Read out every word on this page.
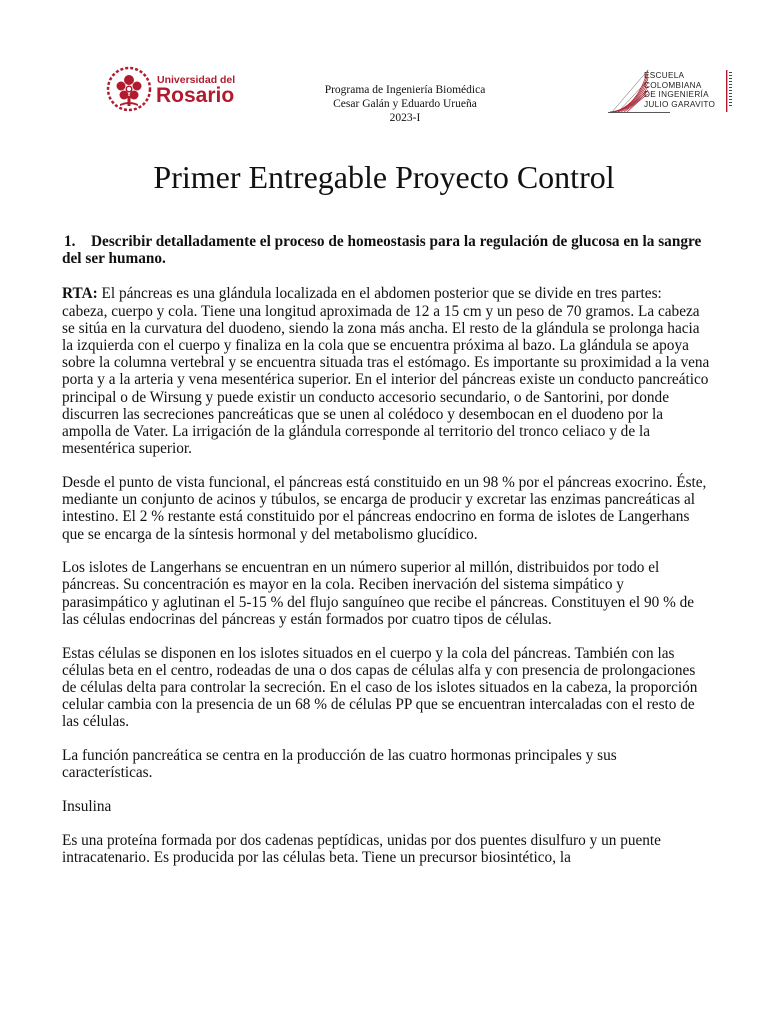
Universidad del
Rosario	Programa de Ingeniería Biomédica
Cesar Galán y Eduardo Urueña
2023-I
ESCUELA
COLOMBIANA
DE INGENIERÍA
JULIO GARAVITO
Primer Entregable Proyecto Control
1. Describir detalladamente el proceso de homeostasis para la regulación de glucosa en la sangre del ser humano.

RTA: El páncreas es una glándula localizada en el abdomen posterior que se divide en tres partes: cabeza, cuerpo y cola. Tiene una longitud aproximada de 12 a 15 cm y un peso de 70 gramos. La cabeza se sitúa en la curvatura del duodeno, siendo la zona más ancha. El resto de la glándula se prolonga hacia la izquierda con el cuerpo y finaliza en la cola que se encuentra próxima al bazo. La glándula se apoya sobre la columna vertebral y se encuentra situada tras el estómago. Es importante su proximidad a la vena porta y a la arteria y vena mesentérica superior. En el interior del páncreas existe un conducto pancreático principal o de Wirsung y puede existir un conducto accesorio secundario, o de Santorini, por donde discurren las secreciones pancreáticas que se unen al colédoco y desembocan en el duodeno por la ampolla de Vater. La irrigación de la glándula corresponde al territorio del tronco celiaco y de la mesentérica superior.

Desde el punto de vista funcional, el páncreas está constituido en un 98 % por el páncreas exocrino. Éste, mediante un conjunto de acinos y túbulos, se encarga de producir y excretar las enzimas pancreáticas al intestino. El 2 % restante está constituido por el páncreas endocrino en forma de islotes de Langerhans que se encarga de la síntesis hormonal y del metabolismo glucídico.

Los islotes de Langerhans se encuentran en un número superior al millón, distribuidos por todo el páncreas. Su concentración es mayor en la cola. Reciben inervación del sistema simpático y parasimpático y aglutinan el 5-15 % del flujo sanguíneo que recibe el páncreas. Constituyen el 90 % de las células endocrinas del páncreas y están formados por cuatro tipos de células.

Estas células se disponen en los islotes situados en el cuerpo y la cola del páncreas. También con las células beta en el centro, rodeadas de una o dos capas de células alfa y con presencia de prolongaciones de células delta para controlar la secreción. En el caso de los islotes situados en la cabeza, la proporción celular cambia con la presencia de un 68 % de células PP que se encuentran intercaladas con el resto de las células.

La función pancreática se centra en la producción de las cuatro hormonas principales y sus características.

Insulina

Es una proteína formada por dos cadenas peptídicas, unidas por dos puentes disulfuro y un puente intracatenario. Es producida por las células beta. Tiene un precursor biosintético, la
